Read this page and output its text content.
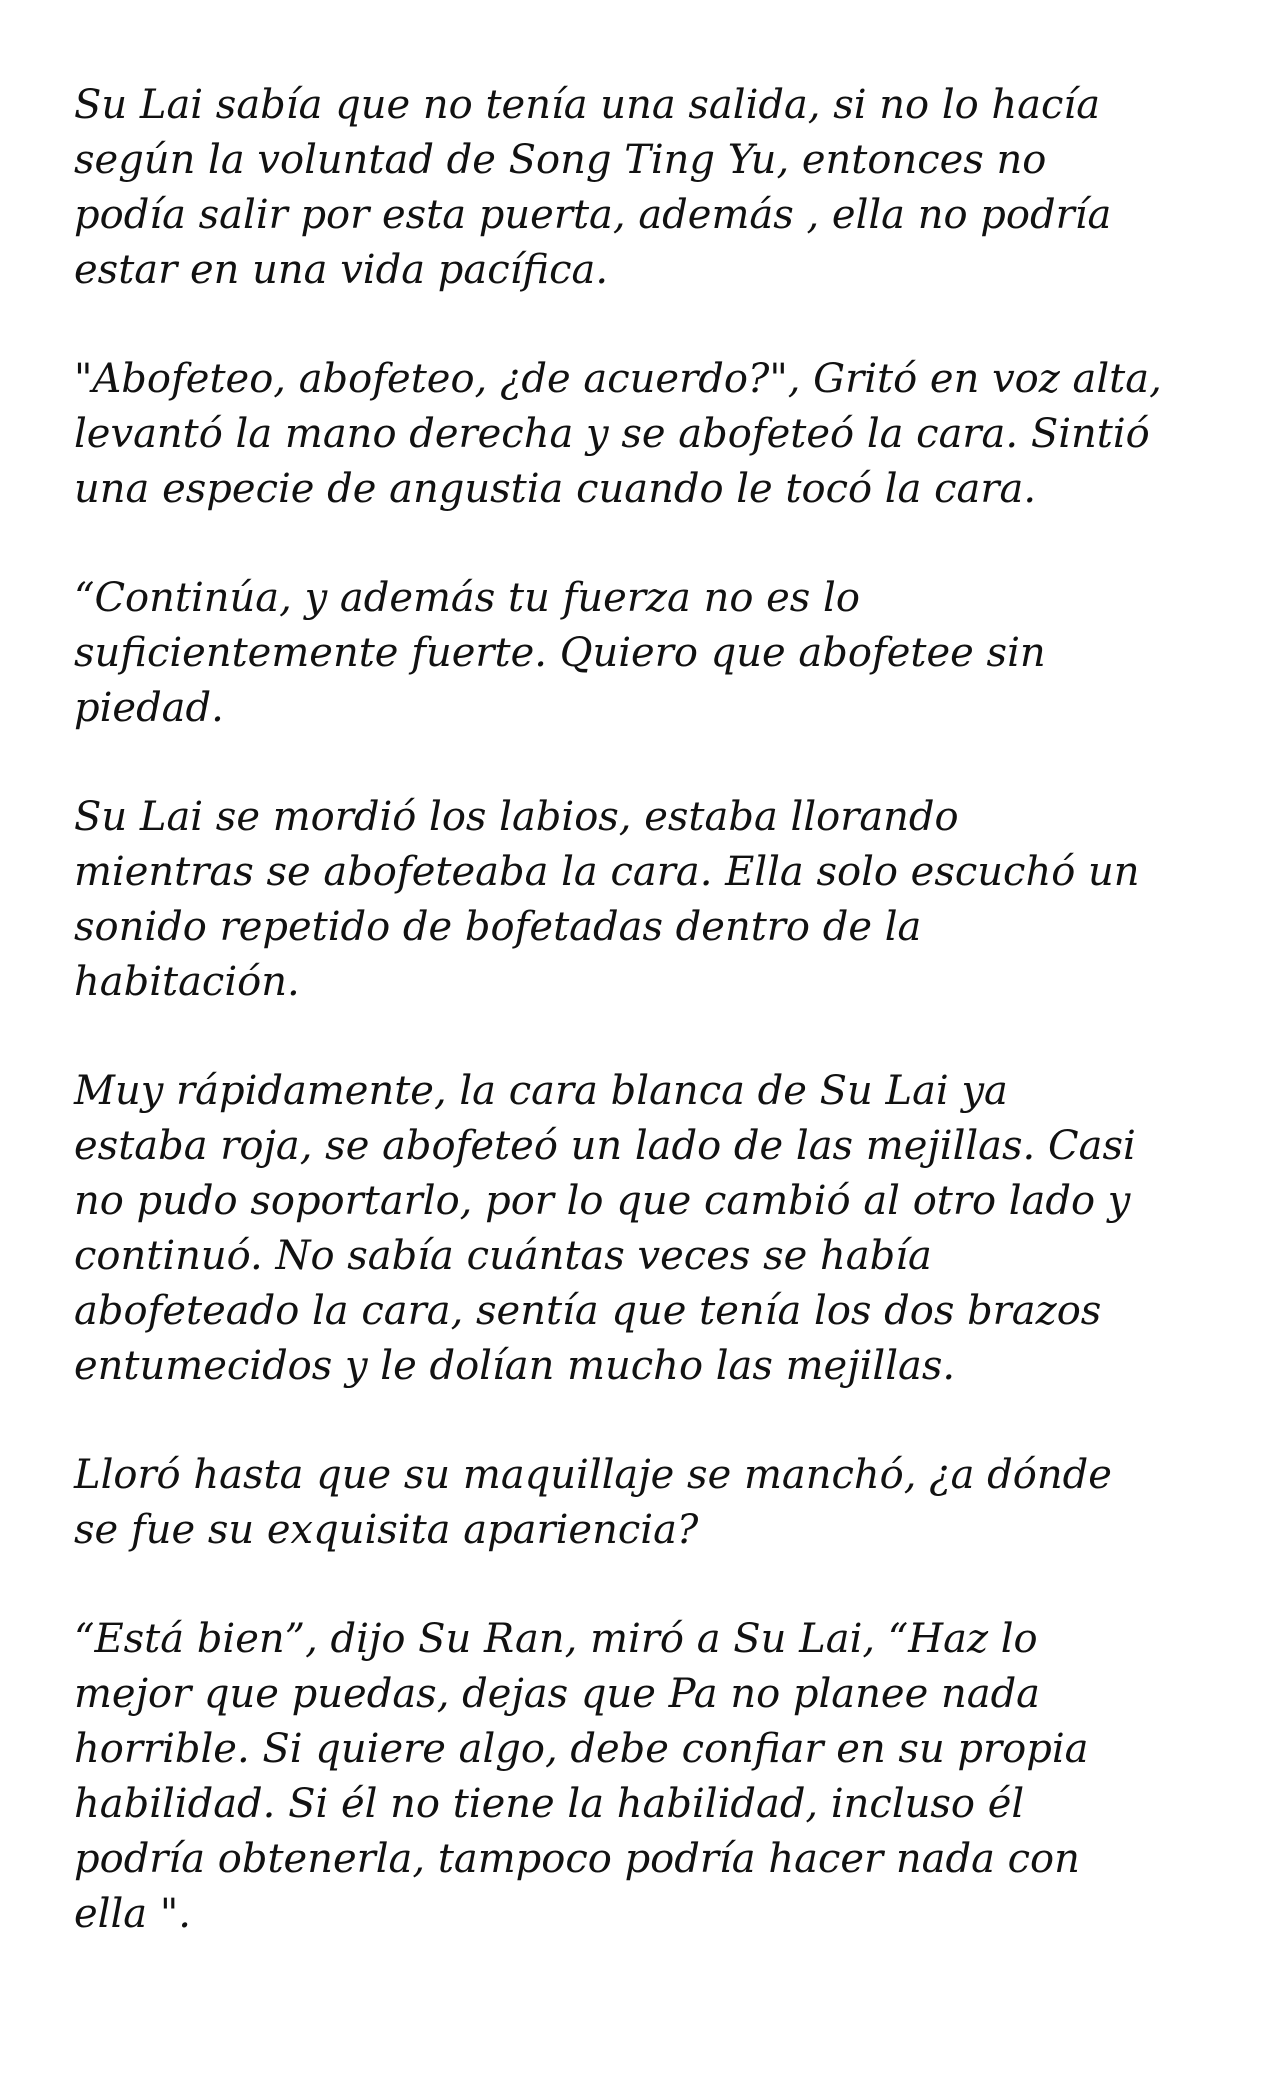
Su Lai sabía que no tenía una salida, si no lo hacía
según la voluntad de Song Ting Yu, entonces no
podía salir por esta puerta, además , ella no podría
estar en una vida pacífica.
"Abofeteo, abofeteo, ¿de acuerdo?", Gritó en voz alta,
levantó la mano derecha y se abofeteó la cara. Sintió
una especie de angustia cuando le tocó la cara.
“Continúa, y además tu fuerza no es lo
suficientemente fuerte. Quiero que abofetee sin
piedad.
Su Lai se mordió los labios, estaba llorando
mientras se abofeteaba la cara. Ella solo escuchó un
sonido repetido de bofetadas dentro de la
habitación.
Muy rápidamente, la cara blanca de Su Lai ya
estaba roja, se abofeteó un lado de las mejillas. Casi
no pudo soportarlo, por lo que cambió al otro lado y
continuó. No sabía cuántas veces se había
abofeteado la cara, sentía que tenía los dos brazos
entumecidos y le dolían mucho las mejillas.
Lloró hasta que su maquillaje se manchó, ¿a dónde
se fue su exquisita apariencia?
“Está bien”, dijo Su Ran, miró a Su Lai, “Haz lo
mejor que puedas, dejas que Pa no planee nada
horrible. Si quiere algo, debe confiar en su propia
habilidad. Si él no tiene la habilidad, incluso él
podría obtenerla, tampoco podría hacer nada con
ella ".
